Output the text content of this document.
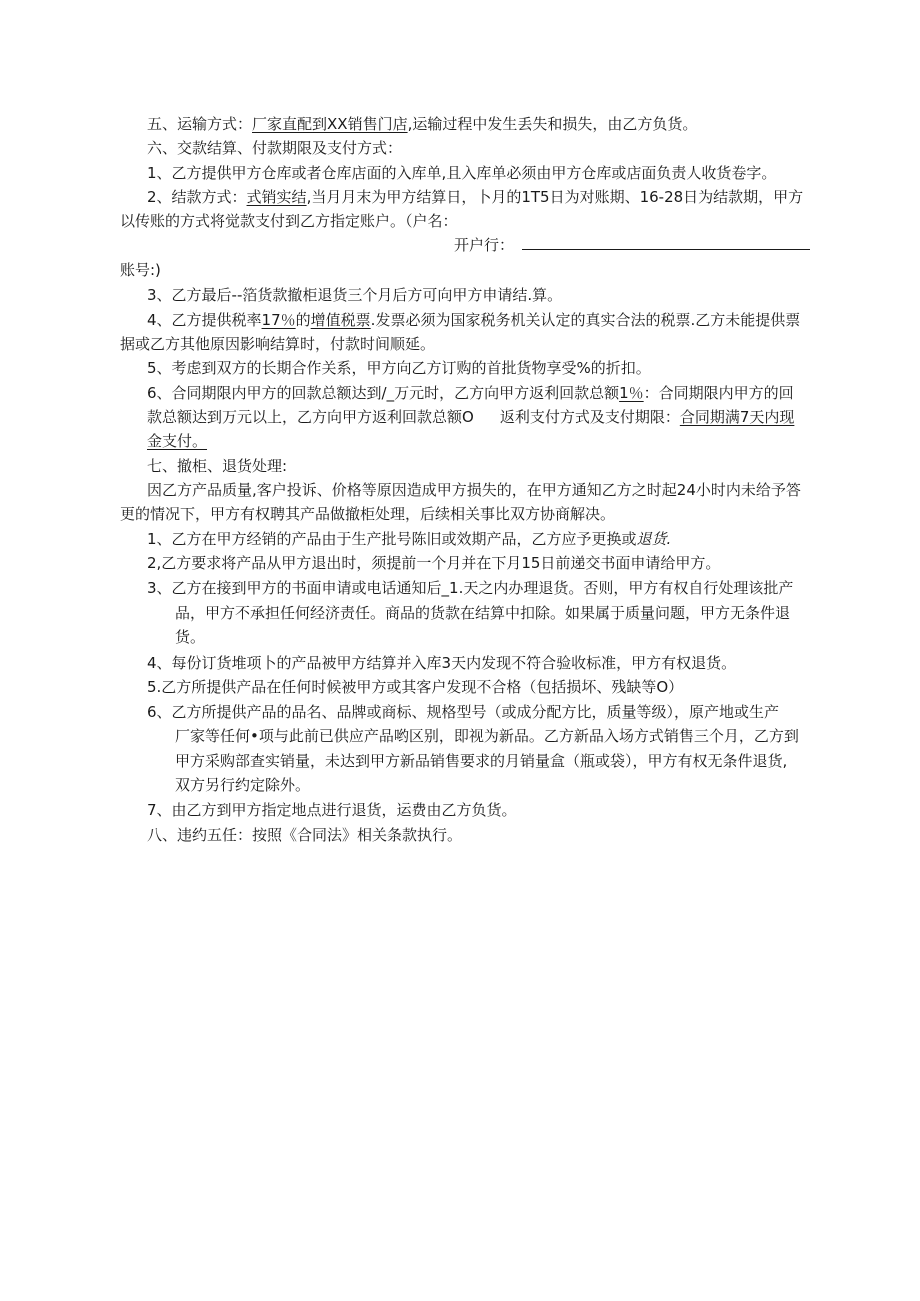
五、运输方式：厂家直配到XX销售门店,运输过程中发生丢失和损失，由乙方负货。
六、交款结算、付款期限及支付方式：
1、乙方提供甲方仓库或者仓库店面的入库单,且入库单必须由甲方仓库或店面负责人收货卷字。
2、结款方式：式销实结,当月月末为甲方结算日，卜月的1T5日为对账期、16-28日为结款期，甲方
以传账的方式将觉款支付到乙方指定账户。（户名：
开户行：
账号:)
3、乙方最后--箔货款撤柜退货三个月后方可向甲方申请结.算。
4、乙方提供税率17％的增值税票.发票必须为国家税务机关认定的真实合法的税票.乙方未能提供票
据或乙方其他原因影响结算时，付款时间顺延。
5、考虑到双方的长期合作关系，甲方向乙方订购的首批货物享受%的折扣。
6、合同期限内甲方的回款总额达到/_万元时，乙方向甲方返利回款总额1％：合同期限内甲方的回
款总额达到万元以上，乙方向甲方返利回款总额O 返利支付方式及支付期限：合同期满7天内现
金支付。
七、撤柜、退货处理:
因乙方产品质量,客户投诉、价格等原因造成甲方损失的，在甲方通知乙方之时起24小时内未给予答
更的情况下，甲方有权聘其产品做撤柜处理，后续相关事比双方协商解决。
1、乙方在甲方经销的产品由于生产批号陈旧或效期产品，乙方应予更换或退货.
2,乙方要求将产品从甲方退出时，须提前一个月并在下月15日前递交书面申请给甲方。
3、乙方在接到甲方的书面申请或电话通知后_1.天之内办理退货。否则，甲方有权自行处理该批产
品，甲方不承担任何经济责任。商品的货款在结算中扣除。如果属于质量问题，甲方无条件退
货。
4、每份订货堆项卜的产品被甲方结算并入库3天内发现不符合验收标准，甲方有权退货。
5.乙方所提供产品在任何时候被甲方或其客户发现不合格（包括损坏、残缺等O）
6、乙方所提供产品的品名、品牌或商标、规格型号（或成分配方比，质量等级），原产地或生产
厂家等任何•项与此前已供应产品哟区别，即视为新品。乙方新品入场方式销售三个月，乙方到
甲方采购部查实销量，未达到甲方新品销售要求的月销量盒（瓶或袋），甲方有权无条件退货,
双方另行约定除外。
7、由乙方到甲方指定地点进行退货，运费由乙方负货。
八、违约五任：按照《合同法》相关条款执行。
